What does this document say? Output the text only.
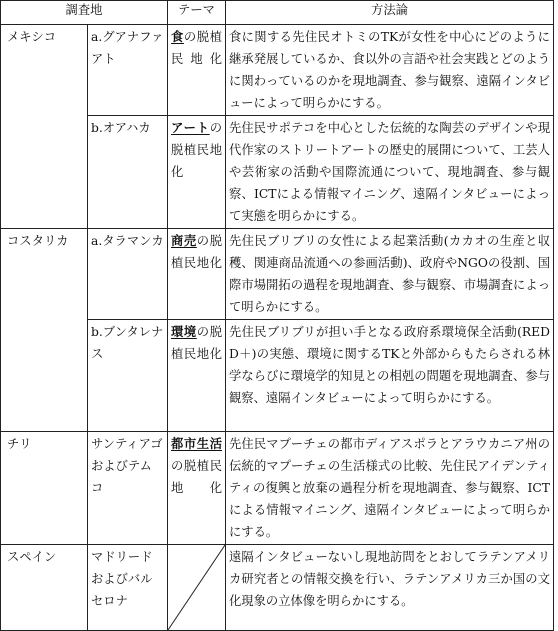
調査地		テーマ	方法論
メキシコ	a.グアナファアト	食の脱植民地化	食に関する先住民オトミのTKが女性を中心にどのように継承発展しているか、食以外の言語や社会実践とどのように関わっているのかを現地調査、参与観察、遠隔インタビューによって明らかにする。
	b.オアハカ	アートの脱植民地化	先住民サポテコを中心とした伝統的な陶芸のデザインや現代作家のストリートアートの歴史的展開について、工芸人や芸術家の活動や国際流通について、現地調査、参与観察、ICTによる情報マイニング、遠隔インタビューによって実態を明らかにする。
コスタリカ	a.タラマンカ	商売の脱植民地化	先住民ブリブリの女性による起業活動(カカオの生産と収穫、関連商品流通への参画活動)、政府やNGOの役割、国際市場開拓の過程を現地調査、参与観察、市場調査によって明らかにする。
	b.ブンタレナス	環境の脱植民地化	先住民ブリブリが担い手となる政府系環境保全活動(REDD＋)の実態、環境に関するTKと外部からもたらされる林学ならびに環境学的知見との相剋の問題を現地調査、参与観察、遠隔インタビューによって明らかにする。
チリ	サンティアゴおよびテムコ	都市生活の脱植民地化	先住民マプーチェの都市ディアスポラとアラウカニア州の伝統的マプーチェの生活様式の比較、先住民アイデンティティの復興と放棄の過程分析を現地調査、参与観察、ICTによる情報マイニング、遠隔インタビューによって明らかにする。
スペイン	マドリードおよびバルセロナ		遠隔インタビューないし現地訪問をとおしてラテンアメリカ研究者との情報交換を行い、ラテンアメリカ三か国の文化現象の立体像を明らかにする。
